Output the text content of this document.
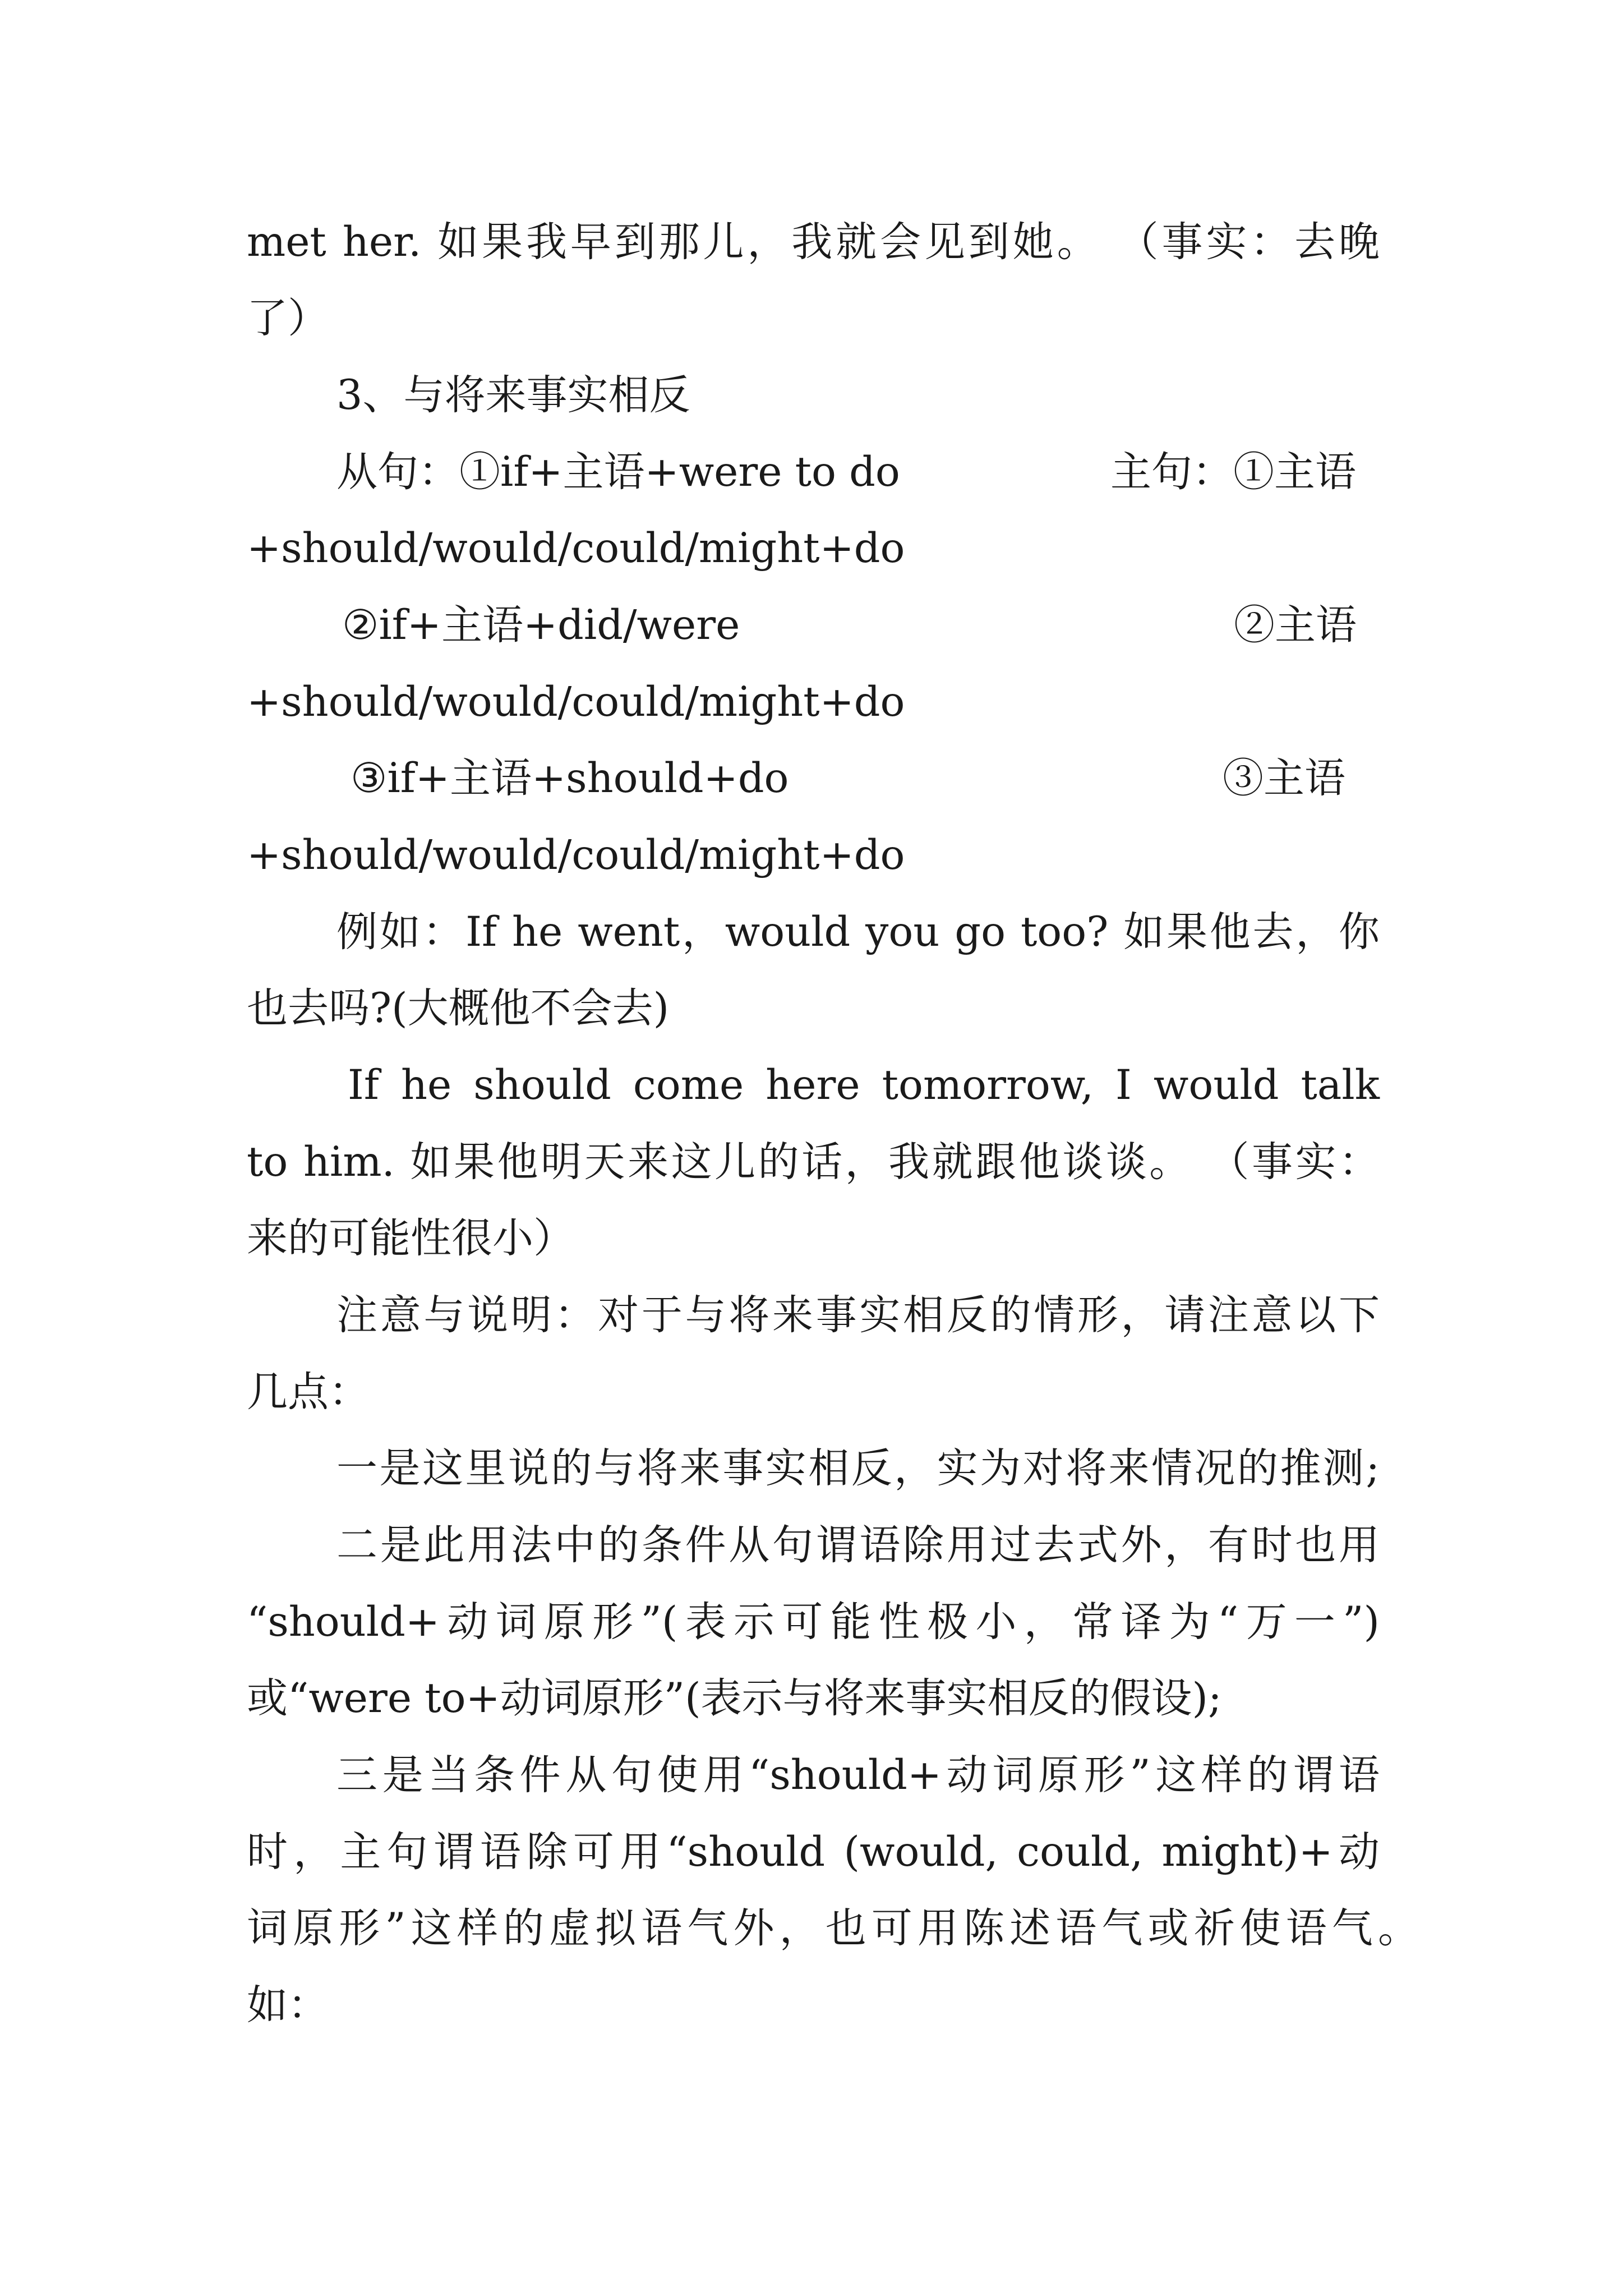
met her. 如果我早到那儿，我就会见到她。 （事实：去晚

了）

3、与将来事实相反

从句：①if+主语+were to do	主句：①主语

+should/would/could/might+do

②if+主语+did/were	②主语

+should/would/could/might+do

③if+主语+should+do	③主语

+should/would/could/might+do

例如：If he went，would you go too? 如果他去，你

也去吗?(大概他不会去)

If he should come here tomorrow, I would talk

to him. 如果他明天来这儿的话，我就跟他谈谈。 （事实：

来的可能性很小）

注意与说明：对于与将来事实相反的情形，请注意以下

几点：

一是这里说的与将来事实相反，实为对将来情况的推测;

二是此用法中的条件从句谓语除用过去式外，有时也用

“should+动词原形”(表示可能性极小，常译为“万一”)

或“were to+动词原形”(表示与将来事实相反的假设);

三是当条件从句使用“should+动词原形”这样的谓语

时，主句谓语除可用“should (would, could, might)+动

词原形”这样的虚拟语气外，也可用陈述语气或祈使语气。

如：
